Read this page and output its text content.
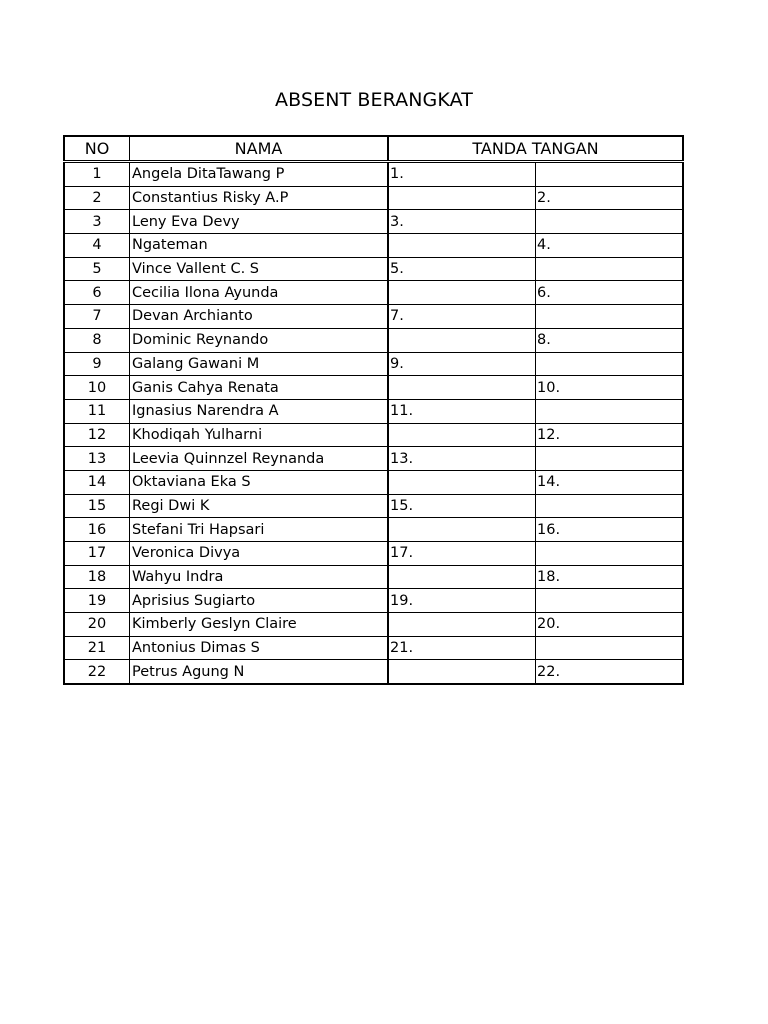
ABSENT BERANGKAT
NO	NAMA	TANDA TANGAN	
1	Angela DitaTawang P	1.	
2	Constantius Risky A.P		2.
3	Leny Eva Devy	3.	
4	Ngateman		4.
5	Vince Vallent C. S	5.	
6	Cecilia Ilona Ayunda		6.
7	Devan Archianto	7.	
8	Dominic Reynando		8.
9	Galang Gawani M	9.	
10	Ganis Cahya Renata		10.
11	Ignasius Narendra A	11.	
12	Khodiqah Yulharni		12.
13	Leevia Quinnzel Reynanda	13.	
14	Oktaviana Eka S		14.
15	Regi Dwi K	15.	
16	Stefani Tri Hapsari		16.
17	Veronica Divya	17.	
18	Wahyu Indra		18.
19	Aprisius Sugiarto	19.	
20	Kimberly Geslyn Claire		20.
21	Antonius Dimas S	21.	
22	Petrus Agung N		22.
